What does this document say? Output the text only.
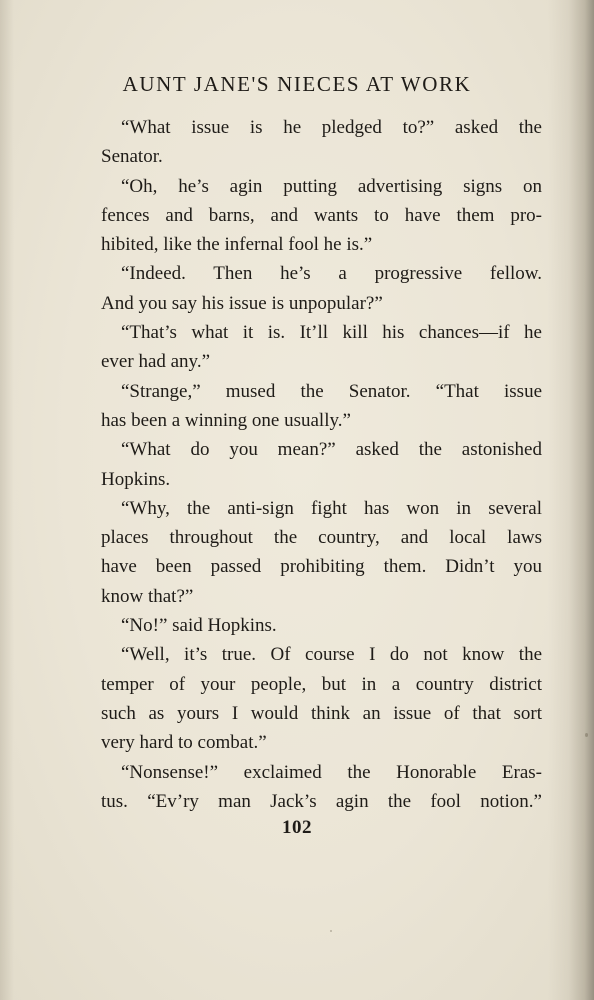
AUNT JANE'S NIECES AT WORK
“What issue is he pledged to?” asked the
Senator.
“Oh, he’s agin putting advertising signs on
fences and barns, and wants to have them pro-
hibited, like the infernal fool he is.”
“Indeed. Then he’s a progressive fellow.
And you say his issue is unpopular?”
“That’s what it is. It’ll kill his chances—if he
ever had any.”
“Strange,” mused the Senator. “That issue
has been a winning one usually.”
“What do you mean?” asked the astonished
Hopkins.
“Why, the anti-sign fight has won in several
places throughout the country, and local laws
have been passed prohibiting them. Didn’t you
know that?”
“No!” said Hopkins.
“Well, it’s true. Of course I do not know the
temper of your people, but in a country district
such as yours I would think an issue of that sort
very hard to combat.”
“Nonsense!” exclaimed the Honorable Eras-
tus. “Ev’ry man Jack’s agin the fool notion.”
102
